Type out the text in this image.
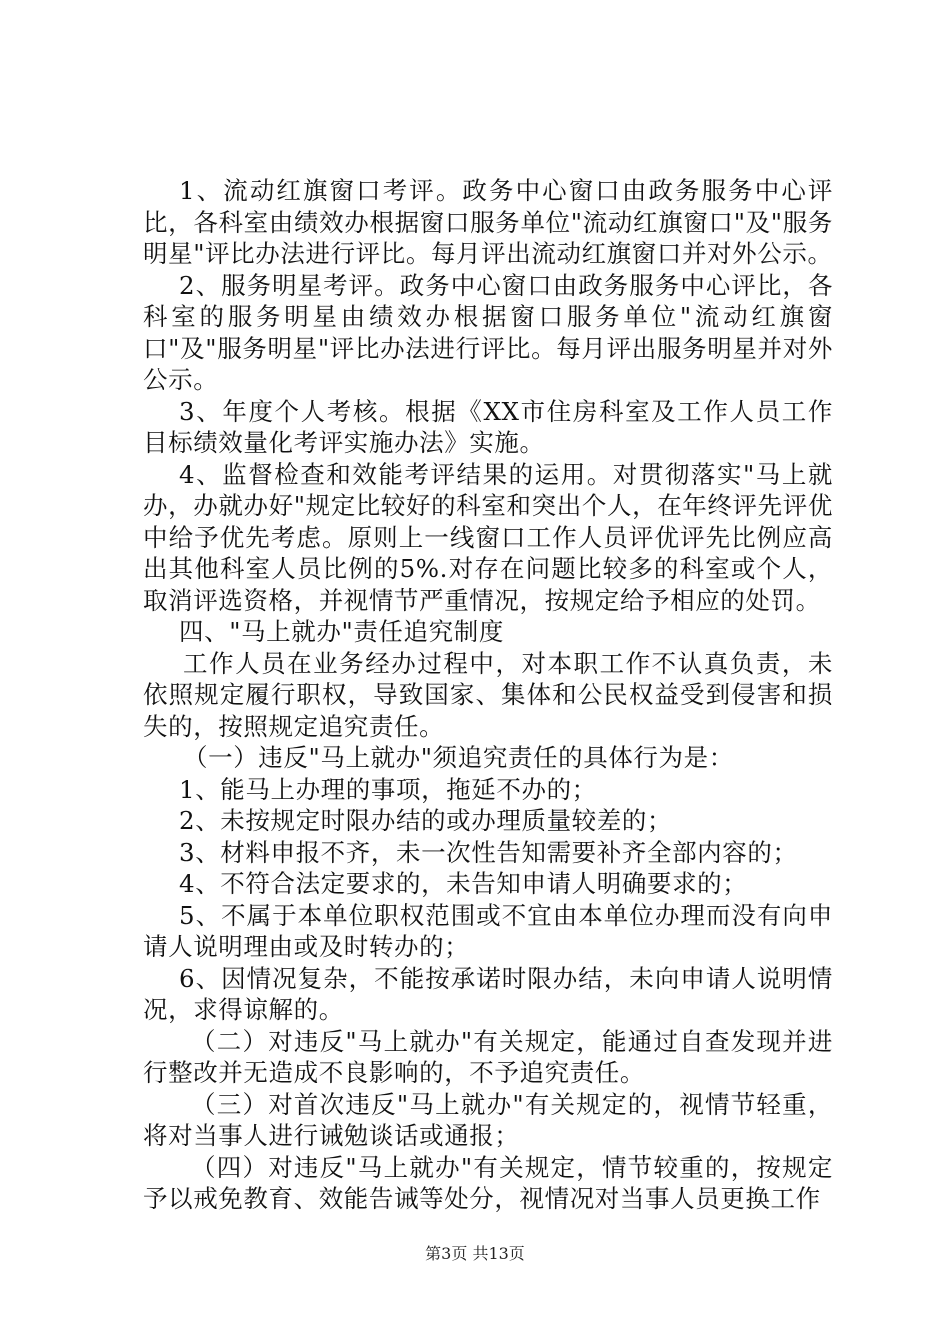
1、流动红旗窗口考评。政务中心窗口由政务服务中心评比，各科室由绩效办根据窗口服务单位"流动红旗窗口"及"服务明星"评比办法进行评比。每月评出流动红旗窗口并对外公示。

2、服务明星考评。政务中心窗口由政务服务中心评比，各科室的服务明星由绩效办根据窗口服务单位"流动红旗窗口"及"服务明星"评比办法进行评比。每月评出服务明星并对外公示。

3、年度个人考核。根据《XX市住房科室及工作人员工作目标绩效量化考评实施办法》实施。

4、监督检查和效能考评结果的运用。对贯彻落实"马上就办，办就办好"规定比较好的科室和突出个人，在年终评先评优中给予优先考虑。原则上一线窗口工作人员评优评先比例应高出其他科室人员比例的5%.对存在问题比较多的科室或个人，取消评选资格，并视情节严重情况，按规定给予相应的处罚。

四、"马上就办"责任追究制度

工作人员在业务经办过程中，对本职工作不认真负责，未依照规定履行职权，导致国家、集体和公民权益受到侵害和损失的，按照规定追究责任。

（一）违反"马上就办"须追究责任的具体行为是：

1、能马上办理的事项，拖延不办的；

2、未按规定时限办结的或办理质量较差的；

3、材料申报不齐，未一次性告知需要补齐全部内容的；

4、不符合法定要求的，未告知申请人明确要求的；

5、不属于本单位职权范围或不宜由本单位办理而没有向申请人说明理由或及时转办的；

6、因情况复杂，不能按承诺时限办结，未向申请人说明情况，求得谅解的。

（二）对违反"马上就办"有关规定，能通过自查发现并进行整改并无造成不良影响的，不予追究责任。

（三）对首次违反"马上就办"有关规定的，视情节轻重，将对当事人进行诫勉谈话或通报；

（四）对违反"马上就办"有关规定，情节较重的，按规定予以戒免教育、效能告诫等处分，视情况对当事人员更换工作

第3页 共13页
